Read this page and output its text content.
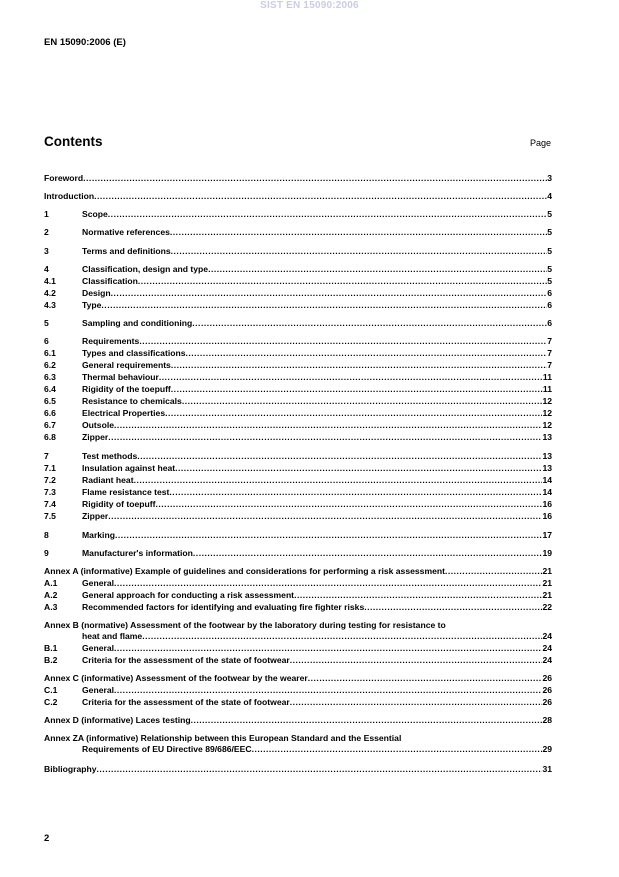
SIST EN 15090:2006
EN 15090:2006 (E)
Contents	Page
Foreword .....	3
Introduction .....	4
1	Scope .....	5
2	Normative references .....	5
3	Terms and definitions .....	5
4	Classification, design and type .....	5
4.1	Classification .....	5
4.2	Design .....	6
4.3	Type .....	6
5	Sampling and conditioning .....	6
6	Requirements .....	7
6.1	Types and classifications .....	7
6.2	General requirements .....	7
6.3	Thermal behaviour .....	11
6.4	Rigidity of the toepuff .....	11
6.5	Resistance to chemicals .....	12
6.6	Electrical Properties .....	12
6.7	Outsole .....	12
6.8	Zipper .....	13
7	Test methods .....	13
7.1	Insulation against heat .....	13
7.2	Radiant heat .....	14
7.3	Flame resistance test .....	14
7.4	Rigidity of toepuff .....	16
7.5	Zipper .....	16
8	Marking .....	17
9	Manufacturer's information .....	19
Annex A (informative) Example of guidelines and considerations for performing a risk assessment .....	21
A.1	General .....	21
A.2	General approach for conducting a risk assessment .....	21
A.3	Recommended factors for identifying and evaluating fire fighter risks .....	22
Annex B (normative) Assessment of the footwear by the laboratory during testing for resistance to
heat and flame .....	24
B.1	General .....	24
B.2	Criteria for the assessment of the state of footwear .....	24
Annex C (informative) Assessment of the footwear by the wearer .....	26
C.1	General .....	26
C.2	Criteria for the assessment of the state of footwear .....	26
Annex D (informative) Laces testing .....	28
Annex ZA (informative) Relationship between this European Standard and the Essential
Requirements of EU Directive 89/686/EEC .....	29
Bibliography .....	31
2
